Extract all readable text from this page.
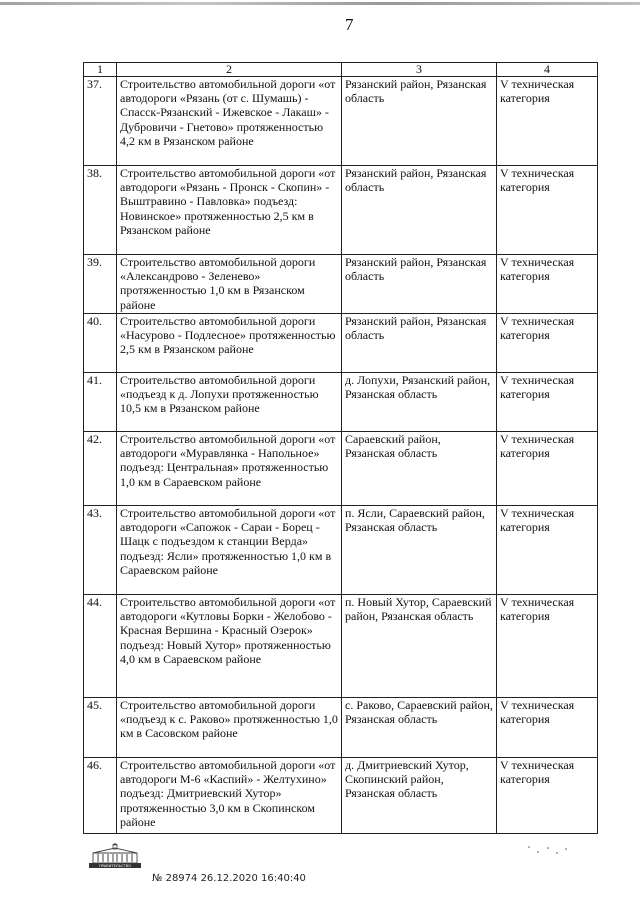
7
1	2	3	4
37.	Строительство автомобильной дороги «от автодороги «Рязань (от с. Шумашь) - Спасск-Рязанский - Ижевское - Лакаш» - Дубровичи - Гнетово» протяженностью 4,2 км в Рязанском районе	Рязанский район, Рязанская область	V техническая категория
38.	Строительство автомобильной дороги «от автодороги «Рязань - Пронск - Скопин» - Выштравино - Павловка» подъезд: Новинское» протяженностью 2,5 км в Рязанском районе	Рязанский район, Рязанская область	V техническая категория
39.	Строительство автомобильной дороги «Александрово - Зеленево» протяженностью 1,0 км в Рязанском районе	Рязанский район, Рязанская область	V техническая категория
40.	Строительство автомобильной дороги «Насурово - Подлесное» протяженностью 2,5 км в Рязанском районе	Рязанский район, Рязанская область	V техническая категория
41.	Строительство автомобильной дороги «подъезд к д. Лопухи протяженностью 10,5 км в Рязанском районе	д. Лопухи, Рязанский район, Рязанская область	V техническая категория
42.	Строительство автомобильной дороги «от автодороги «Муравлянка - Напольное» подъезд: Центральная» протяженностью 1,0 км в Сараевском районе	Сараевский район, Рязанская область	V техническая категория
43.	Строительство автомобильной дороги «от автодороги «Сапожок - Сараи - Борец - Шацк с подъездом к станции Верда» подъезд: Ясли» протяженностью 1,0 км в Сараевском районе	п. Ясли, Сараевский район, Рязанская область	V техническая категория
44.	Строительство автомобильной дороги «от автодороги «Кутловы Борки - Желобово - Красная Вершина - Красный Озерок» подъезд: Новый Хутор» протяженностью 4,0 км в Сараевском районе	п. Новый Хутор, Сараевский район, Рязанская область	V техническая категория
45.	Строительство автомобильной дороги «подъезд к с. Раково» протяженностью 1,0 км в Сасовском районе	с. Раково, Сараевский район, Рязанская область	V техническая категория
46.	Строительство автомобильной дороги «от автодороги М-6 «Каспий» - Желтухино» подъезд: Дмитриевский Хутор» протяженностью 3,0 км в Скопинском районе	д. Дмитриевский Хутор, Скопинский район, Рязанская область	V техническая категория
ПРАВИТЕЛЬСТВО
№ 28974 26.12.2020 16:40:40
